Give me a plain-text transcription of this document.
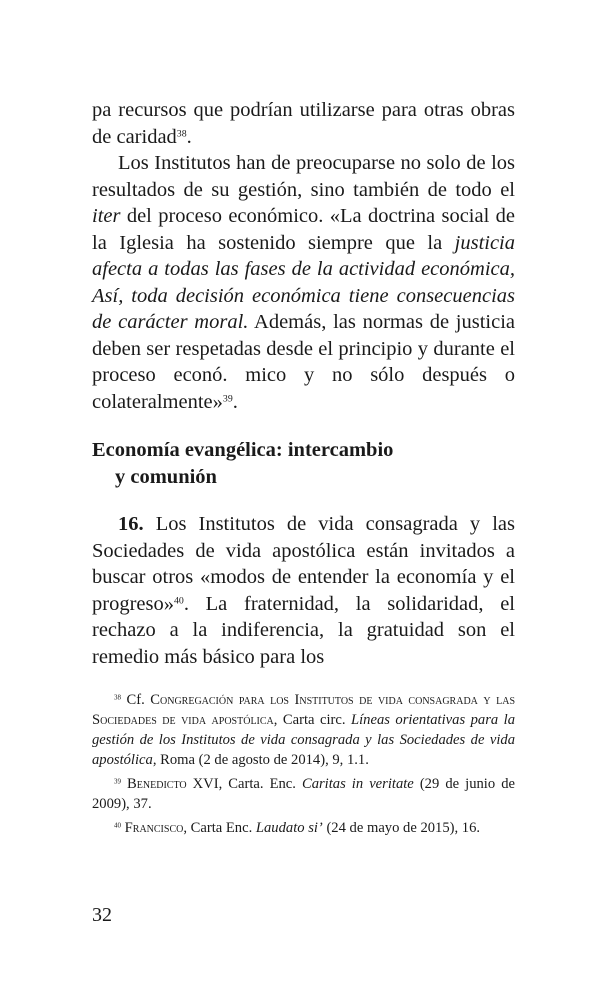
pa recursos que podrían utilizarse para otras obras de caridad$^{38}$.

Los Institutos han de preocuparse no solo de los resultados de su gestión, sino también de todo el iter del proceso económico. «La doctrina social de la Iglesia ha sostenido siempre que la justicia afecta a todas las fases de la actividad económica, Así, toda decisión económica tiene consecuencias de carácter moral. Además, las normas de justicia deben ser respetadas desde el principio y durante el proceso econó. mico y no sólo después o colateralmente»$^{39}$.

Economía evangélica: intercambio
y comunión

16. Los Institutos de vida consagrada y las Sociedades de vida apostólica están invitados a buscar otros «modos de entender la economía y el progreso»$^{40}$. La fraternidad, la solidaridad, el rechazo a la indiferencia, la gratuidad son el remedio más básico para los

$^{38}$ Cf. Congregación para los Institutos de vida consagrada y las Sociedades de vida apostólica, Carta circ. Líneas orientativas para la gestión de los Institutos de vida consagrada y las Sociedades de vida apostólica, Roma (2 de agosto de 2014), 9, 1.1.

$^{39}$ Benedicto XVI, Carta. Enc. Caritas in veritate (29 de junio de 2009), 37.

$^{40}$ Francisco, Carta Enc. Laudato si’ (24 de mayo de 2015), 16.

32
